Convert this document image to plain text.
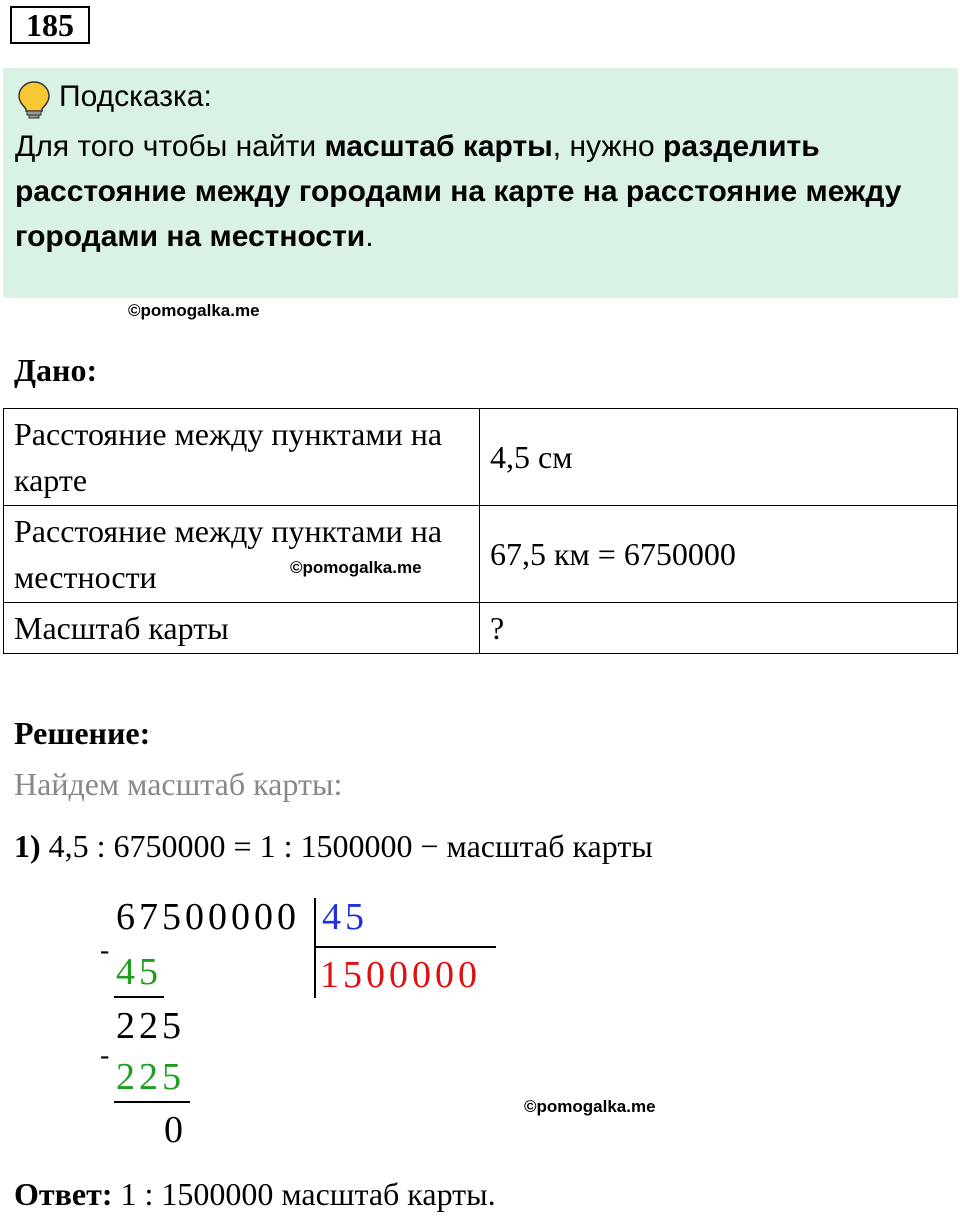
185
Подсказка:
Для того чтобы найти масштаб карты, нужно разделить расстояние между городами на карте на расстояние между городами на местности.
©pomogalka.me
Дано:
Расстояние между пунктами на карте	4,5 см
Расстояние между пунктами на местности	67,5 км = 6750000
Масштаб карты	?
©pomogalka.me
Решение:
Найдем масштаб карты:
1) 4,5 : 6750000 = 1 : 1500000 − масштаб карты
67500000 45
1500000
-
45
225
-
225
0
©pomogalka.me
Ответ: 1 : 1500000 масштаб карты.
